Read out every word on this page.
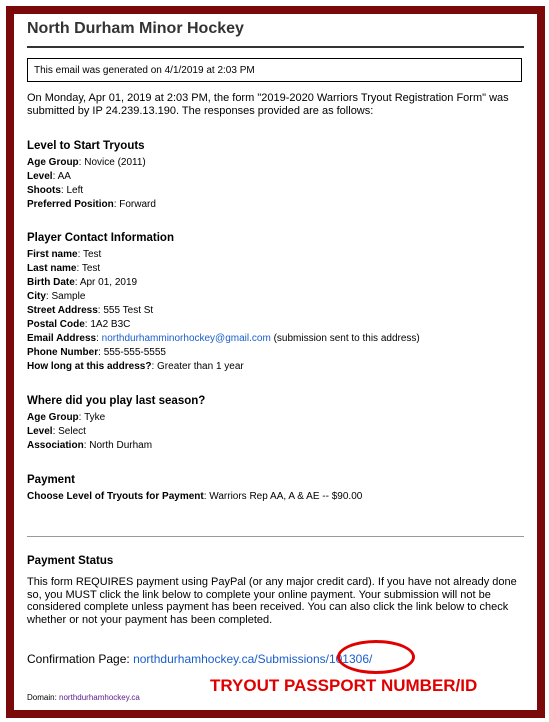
North Durham Minor Hockey
This email was generated on 4/1/2019 at 2:03 PM
On Monday, Apr 01, 2019 at 2:03 PM, the form "2019-2020 Warriors Tryout Registration Form" was submitted by IP 24.239.13.190. The responses provided are as follows:
Level to Start Tryouts
Age Group: Novice (2011)
Level: AA
Shoots: Left
Preferred Position: Forward
Player Contact Information
First name: Test
Last name: Test
Birth Date: Apr 01, 2019
City: Sample
Street Address: 555 Test St
Postal Code: 1A2 B3C
Email Address: northdurhamminorhockey@gmail.com (submission sent to this address)
Phone Number: 555-555-5555
How long at this address?: Greater than 1 year
Where did you play last season?
Age Group: Tyke
Level: Select
Association: North Durham
Payment
Choose Level of Tryouts for Payment: Warriors Rep AA, A & AE -- $90.00
Payment Status
This form REQUIRES payment using PayPal (or any major credit card). If you have not already done so, you MUST click the link below to complete your online payment. Your submission will not be considered complete unless payment has been received. You can also click the link below to check whether or not your payment has been completed.
Confirmation Page: northdurhamhockey.ca/Submissions/101306/
TRYOUT PASSPORT NUMBER/ID
Domain: northdurhamhockey.ca
